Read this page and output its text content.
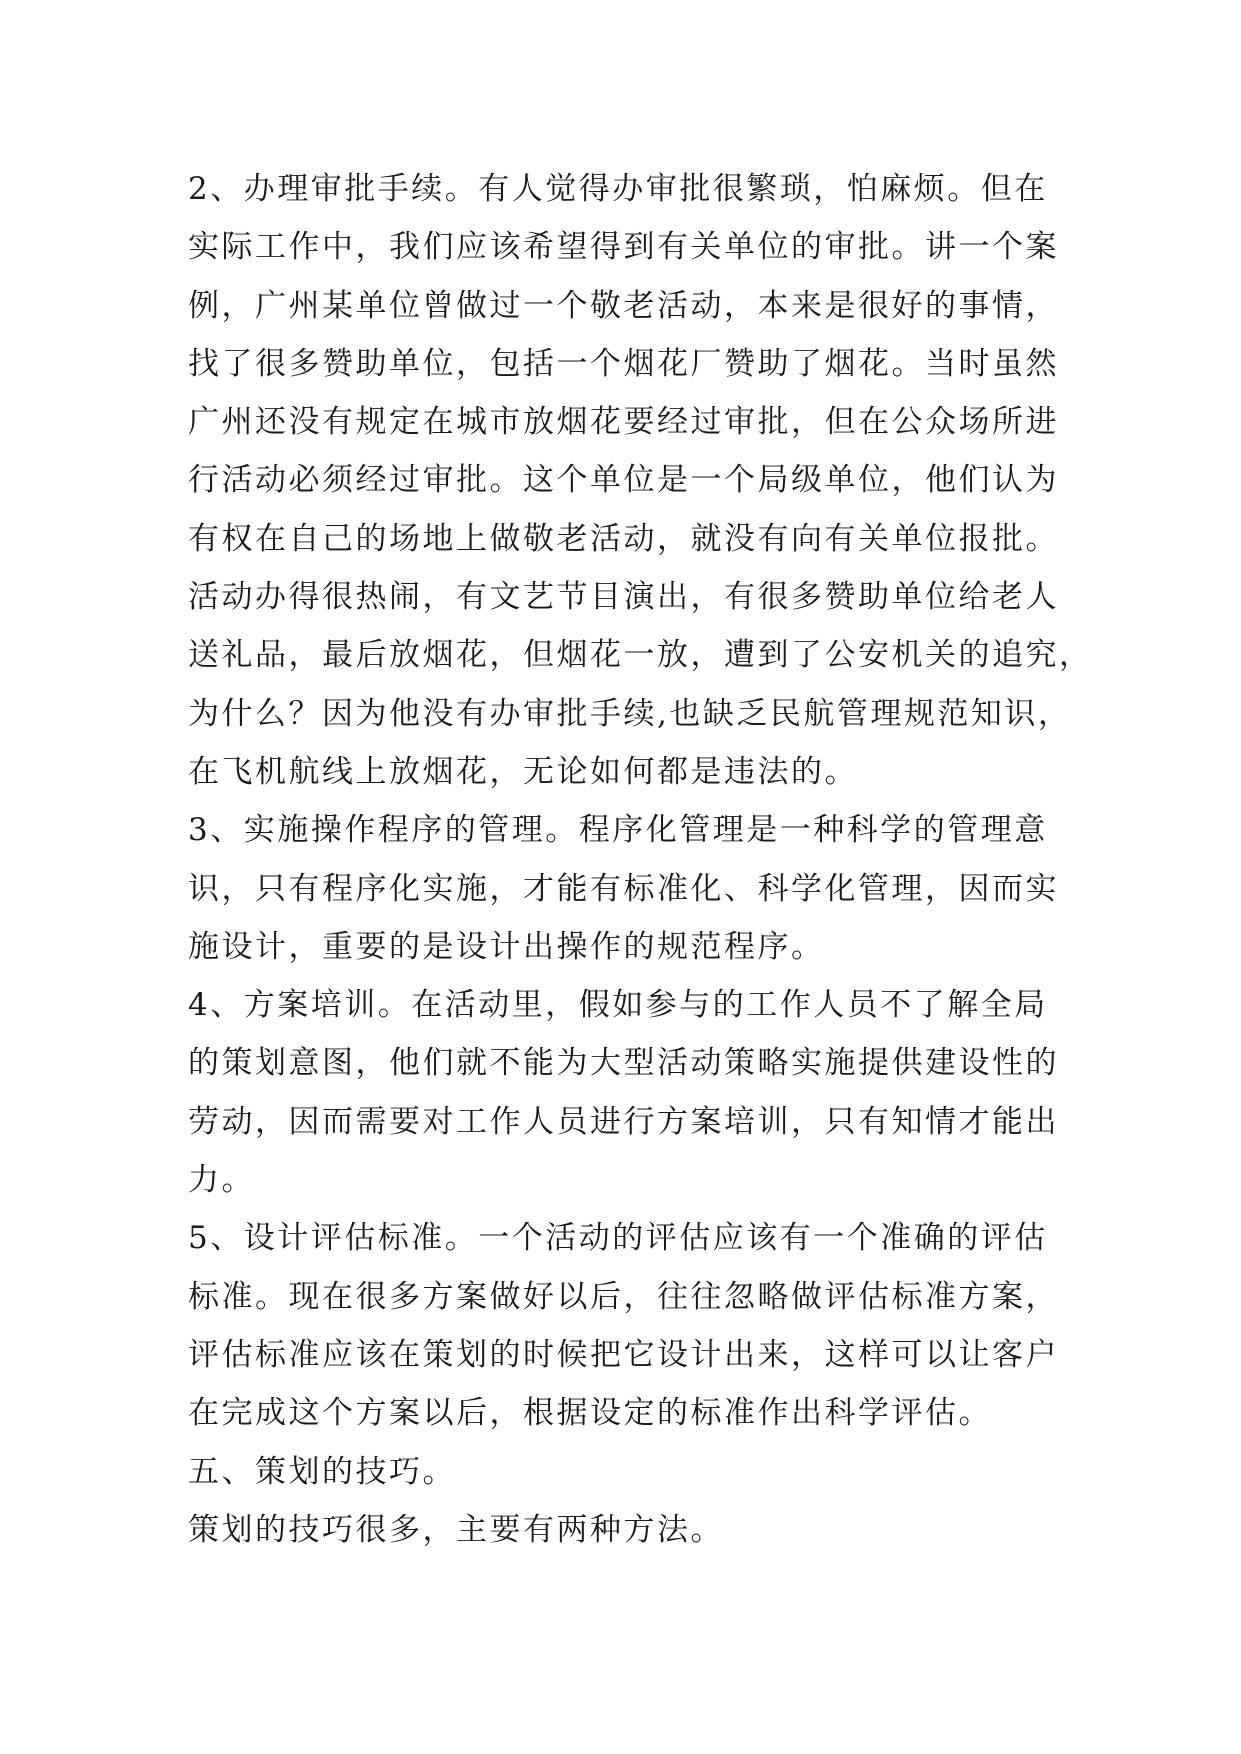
2、办理审批手续。有人觉得办审批很繁琐，怕麻烦。但在
实际工作中，我们应该希望得到有关单位的审批。讲一个案
例，广州某单位曾做过一个敬老活动，本来是很好的事情，
找了很多赞助单位，包括一个烟花厂赞助了烟花。当时虽然
广州还没有规定在城市放烟花要经过审批，但在公众场所进
行活动必须经过审批。这个单位是一个局级单位，他们认为
有权在自己的场地上做敬老活动，就没有向有关单位报批。
活动办得很热闹，有文艺节目演出，有很多赞助单位给老人
送礼品，最后放烟花，但烟花一放，遭到了公安机关的追究，
为什么？因为他没有办审批手续,也缺乏民航管理规范知识，
在飞机航线上放烟花，无论如何都是违法的。
3、实施操作程序的管理。程序化管理是一种科学的管理意
识，只有程序化实施，才能有标准化、科学化管理，因而实
施设计，重要的是设计出操作的规范程序。
4、方案培训。在活动里，假如参与的工作人员不了解全局
的策划意图，他们就不能为大型活动策略实施提供建设性的
劳动，因而需要对工作人员进行方案培训，只有知情才能出
力。
5、设计评估标准。一个活动的评估应该有一个准确的评估
标准。现在很多方案做好以后，往往忽略做评估标准方案，
评估标准应该在策划的时候把它设计出来，这样可以让客户
在完成这个方案以后，根据设定的标准作出科学评估。
五、策划的技巧。
策划的技巧很多，主要有两种方法。
